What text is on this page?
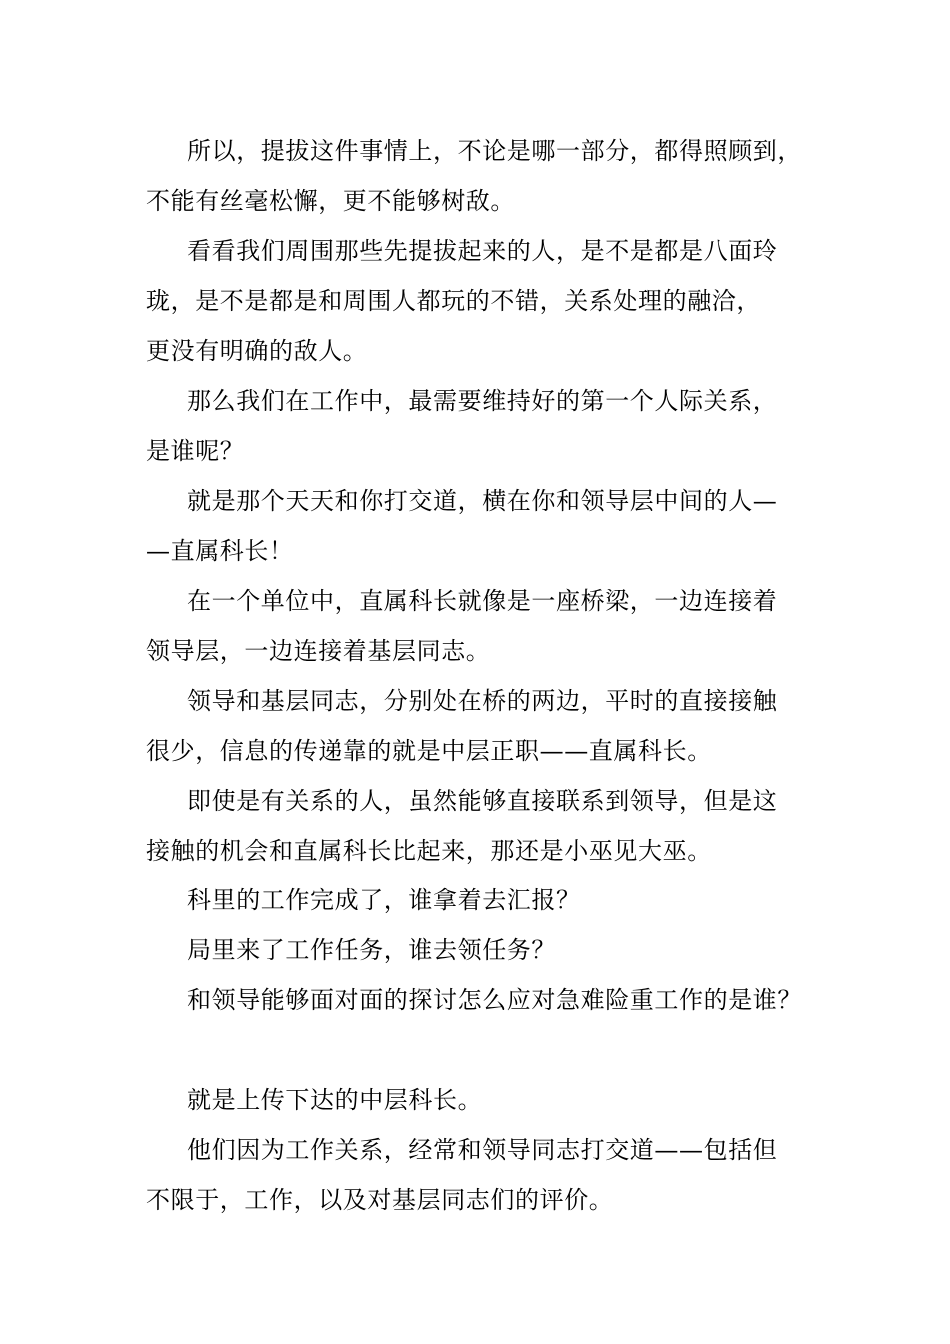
所以，提拔这件事情上，不论是哪一部分，都得照顾到，
不能有丝毫松懈，更不能够树敌。
看看我们周围那些先提拔起来的人，是不是都是八面玲
珑，是不是都是和周围人都玩的不错，关系处理的融洽，
更没有明确的敌人。
那么我们在工作中，最需要维持好的第一个人际关系，
是谁呢？
就是那个天天和你打交道，横在你和领导层中间的人—
—直属科长！
在一个单位中，直属科长就像是一座桥梁，一边连接着
领导层，一边连接着基层同志。
领导和基层同志，分别处在桥的两边，平时的直接接触
很少，信息的传递靠的就是中层正职——直属科长。
即使是有关系的人，虽然能够直接联系到领导，但是这
接触的机会和直属科长比起来，那还是小巫见大巫。
科里的工作完成了，谁拿着去汇报？
局里来了工作任务，谁去领任务？
和领导能够面对面的探讨怎么应对急难险重工作的是谁？
就是上传下达的中层科长。
他们因为工作关系，经常和领导同志打交道——包括但
不限于，工作，以及对基层同志们的评价。
